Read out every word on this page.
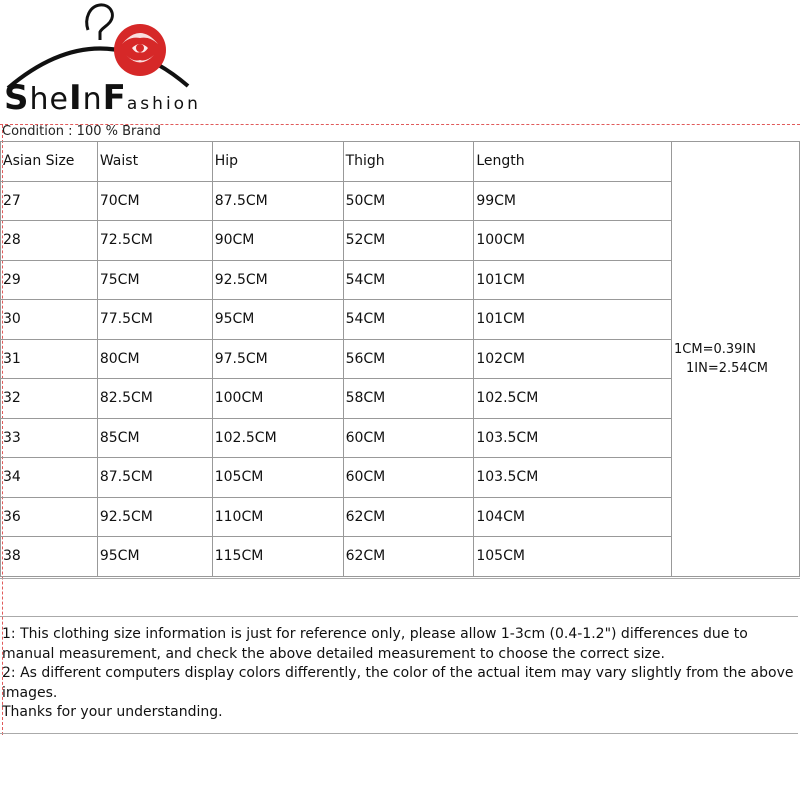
SheInFashion
Condition : 100 % Brand
Asian Size	Waist	Hip	Thigh	Length	1CM=0.39IN
1IN=2.54CM

27	70CM	87.5CM	50CM	99CM	
28	72.5CM	90CM	52CM	100CM	
29	75CM	92.5CM	54CM	101CM	
30	77.5CM	95CM	54CM	101CM	
31	80CM	97.5CM	56CM	102CM	
32	82.5CM	100CM	58CM	102.5CM	
33	85CM	102.5CM	60CM	103.5CM	
34	87.5CM	105CM	60CM	103.5CM	
36	92.5CM	110CM	62CM	104CM	
38	95CM	115CM	62CM	105CM	
1: This clothing size information is just for reference only, please allow 1-3cm (0.4-1.2") differences due to manual measurement, and check the above detailed measurement to choose the correct size.
2: As different computers display colors differently, the color of the actual item may vary slightly from the above images.
Thanks for your understanding.
